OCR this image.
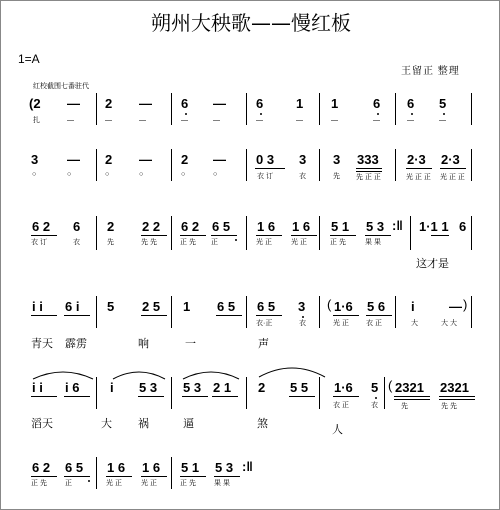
朔州大秧歌——慢红板
1=A
王留正 整理
红校截围七番驻代
(2 — 2 — 6 — 6	1 1	6 6 5
扎	—	—	—	—	—	—	—	—	—	—	—
3 — 2 — 2 — 0 3 3 3 333 2·3 2·3
○	○	○	○	○	○	衣 订	衣	先 先 正 正	光 正 正 光 正 正
6 2 6 2 2 2 6 2 6 5 1 6 1 6 5 1 5 3 :‖ 1·1 1 6
衣 订	衣	先	先 先	正 先 正	光 正	光 正	正 先	果 果
这才是
i i 6 i 5 2 5 1 6 5 6 5 3 ( 1·6 5 6 i	— )
衣·正	衣	光 正 衣 正	大	大 大
青天 霹雳	响	一	声
i i i 6 i 5 3 5 3 2 1 2 5 5 1·6 5 ( 2321 2321
衣 正	衣	先	先 先
滔天	大 祸	逼	煞	人
6 2 6 5 1 6 1 6 5 1 5 3 :‖
正 先	正	光 正	光 正	正 先	果 果
